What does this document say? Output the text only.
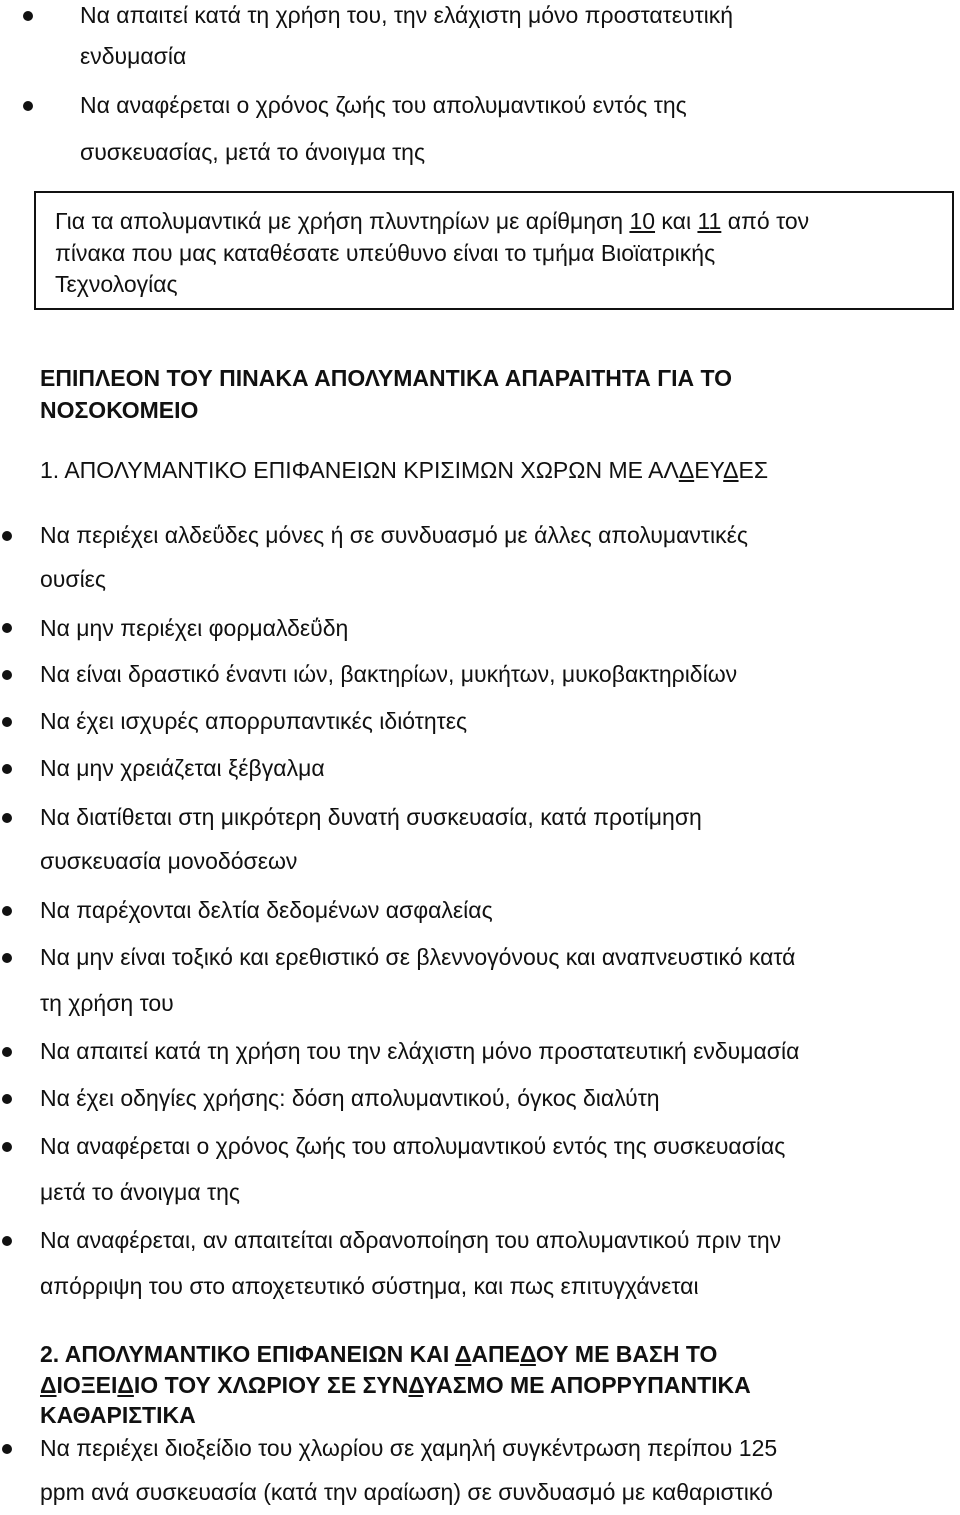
Να απαιτεί κατά τη χρήση του, την ελάχιστη μόνο προστατευτική
ενδυμασία
Να αναφέρεται ο χρόνος ζωής του απολυμαντικού εντός της
συσκευασίας, μετά το άνοιγμα της
Για τα απολυμαντικά με χρήση πλυντηρίων με αρίθμηση 10 και 11 από τον
πίνακα που μας καταθέσατε υπεύθυνο είναι το τμήμα Βιοϊατρικής
Τεχνολογίας
ΕΠΙΠΛΕΟΝ ΤΟΥ ΠΙΝΑΚΑ ΑΠΟΛΥΜΑΝΤΙΚΑ ΑΠΑΡΑΙΤΗΤΑ ΓΙΑ ΤΟ
ΝΟΣΟΚΟΜΕΙΟ
1. ΑΠΟΛΥΜΑΝΤΙΚΟ ΕΠΙΦΑΝΕΙΩΝ ΚΡΙΣΙΜΩΝ ΧΩΡΩΝ ΜΕ ΑΛΔΕΥΔΕΣ
Να περιέχει αλδεΰδες μόνες ή σε συνδυασμό με άλλες απολυμαντικές
ουσίες
Να μην περιέχει φορμαλδεΰδη
Να είναι δραστικό έναντι ιών, βακτηρίων, μυκήτων, μυκοβακτηριδίων
Να έχει ισχυρές απορρυπαντικές ιδιότητες
Να μην χρειάζεται ξέβγαλμα
Να διατίθεται στη μικρότερη δυνατή συσκευασία, κατά προτίμηση
συσκευασία μονοδόσεων
Να παρέχονται δελτία δεδομένων ασφαλείας
Να μην είναι τοξικό και ερεθιστικό σε βλεννογόνους και αναπνευστικό κατά
τη χρήση του
Να απαιτεί κατά τη χρήση του την ελάχιστη μόνο προστατευτική ενδυμασία
Να έχει οδηγίες χρήσης: δόση απολυμαντικού, όγκος διαλύτη
Να αναφέρεται ο χρόνος ζωής του απολυμαντικού εντός της συσκευασίας
μετά το άνοιγμα της
Να αναφέρεται, αν απαιτείται αδρανοποίηση του απολυμαντικού πριν την
απόρριψη του στο αποχετευτικό σύστημα, και πως επιτυγχάνεται
2. ΑΠΟΛΥΜΑΝΤΙΚΟ ΕΠΙΦΑΝΕΙΩΝ ΚΑΙ ΔΑΠΕΔΟΥ ΜΕ ΒΑΣΗ ΤΟ
ΔΙΟΞΕΙΔΙΟ ΤΟΥ ΧΛΩΡΙΟΥ ΣΕ ΣΥΝΔΥΑΣΜΟ ΜΕ ΑΠΟΡΡΥΠΑΝΤΙΚΑ
ΚΑΘΑΡΙΣΤΙΚΑ
Να περιέχει διοξείδιο του χλωρίου σε χαμηλή συγκέντρωση περίπου 125
ppm ανά συσκευασία (κατά την αραίωση) σε συνδυασμό με καθαριστικό
